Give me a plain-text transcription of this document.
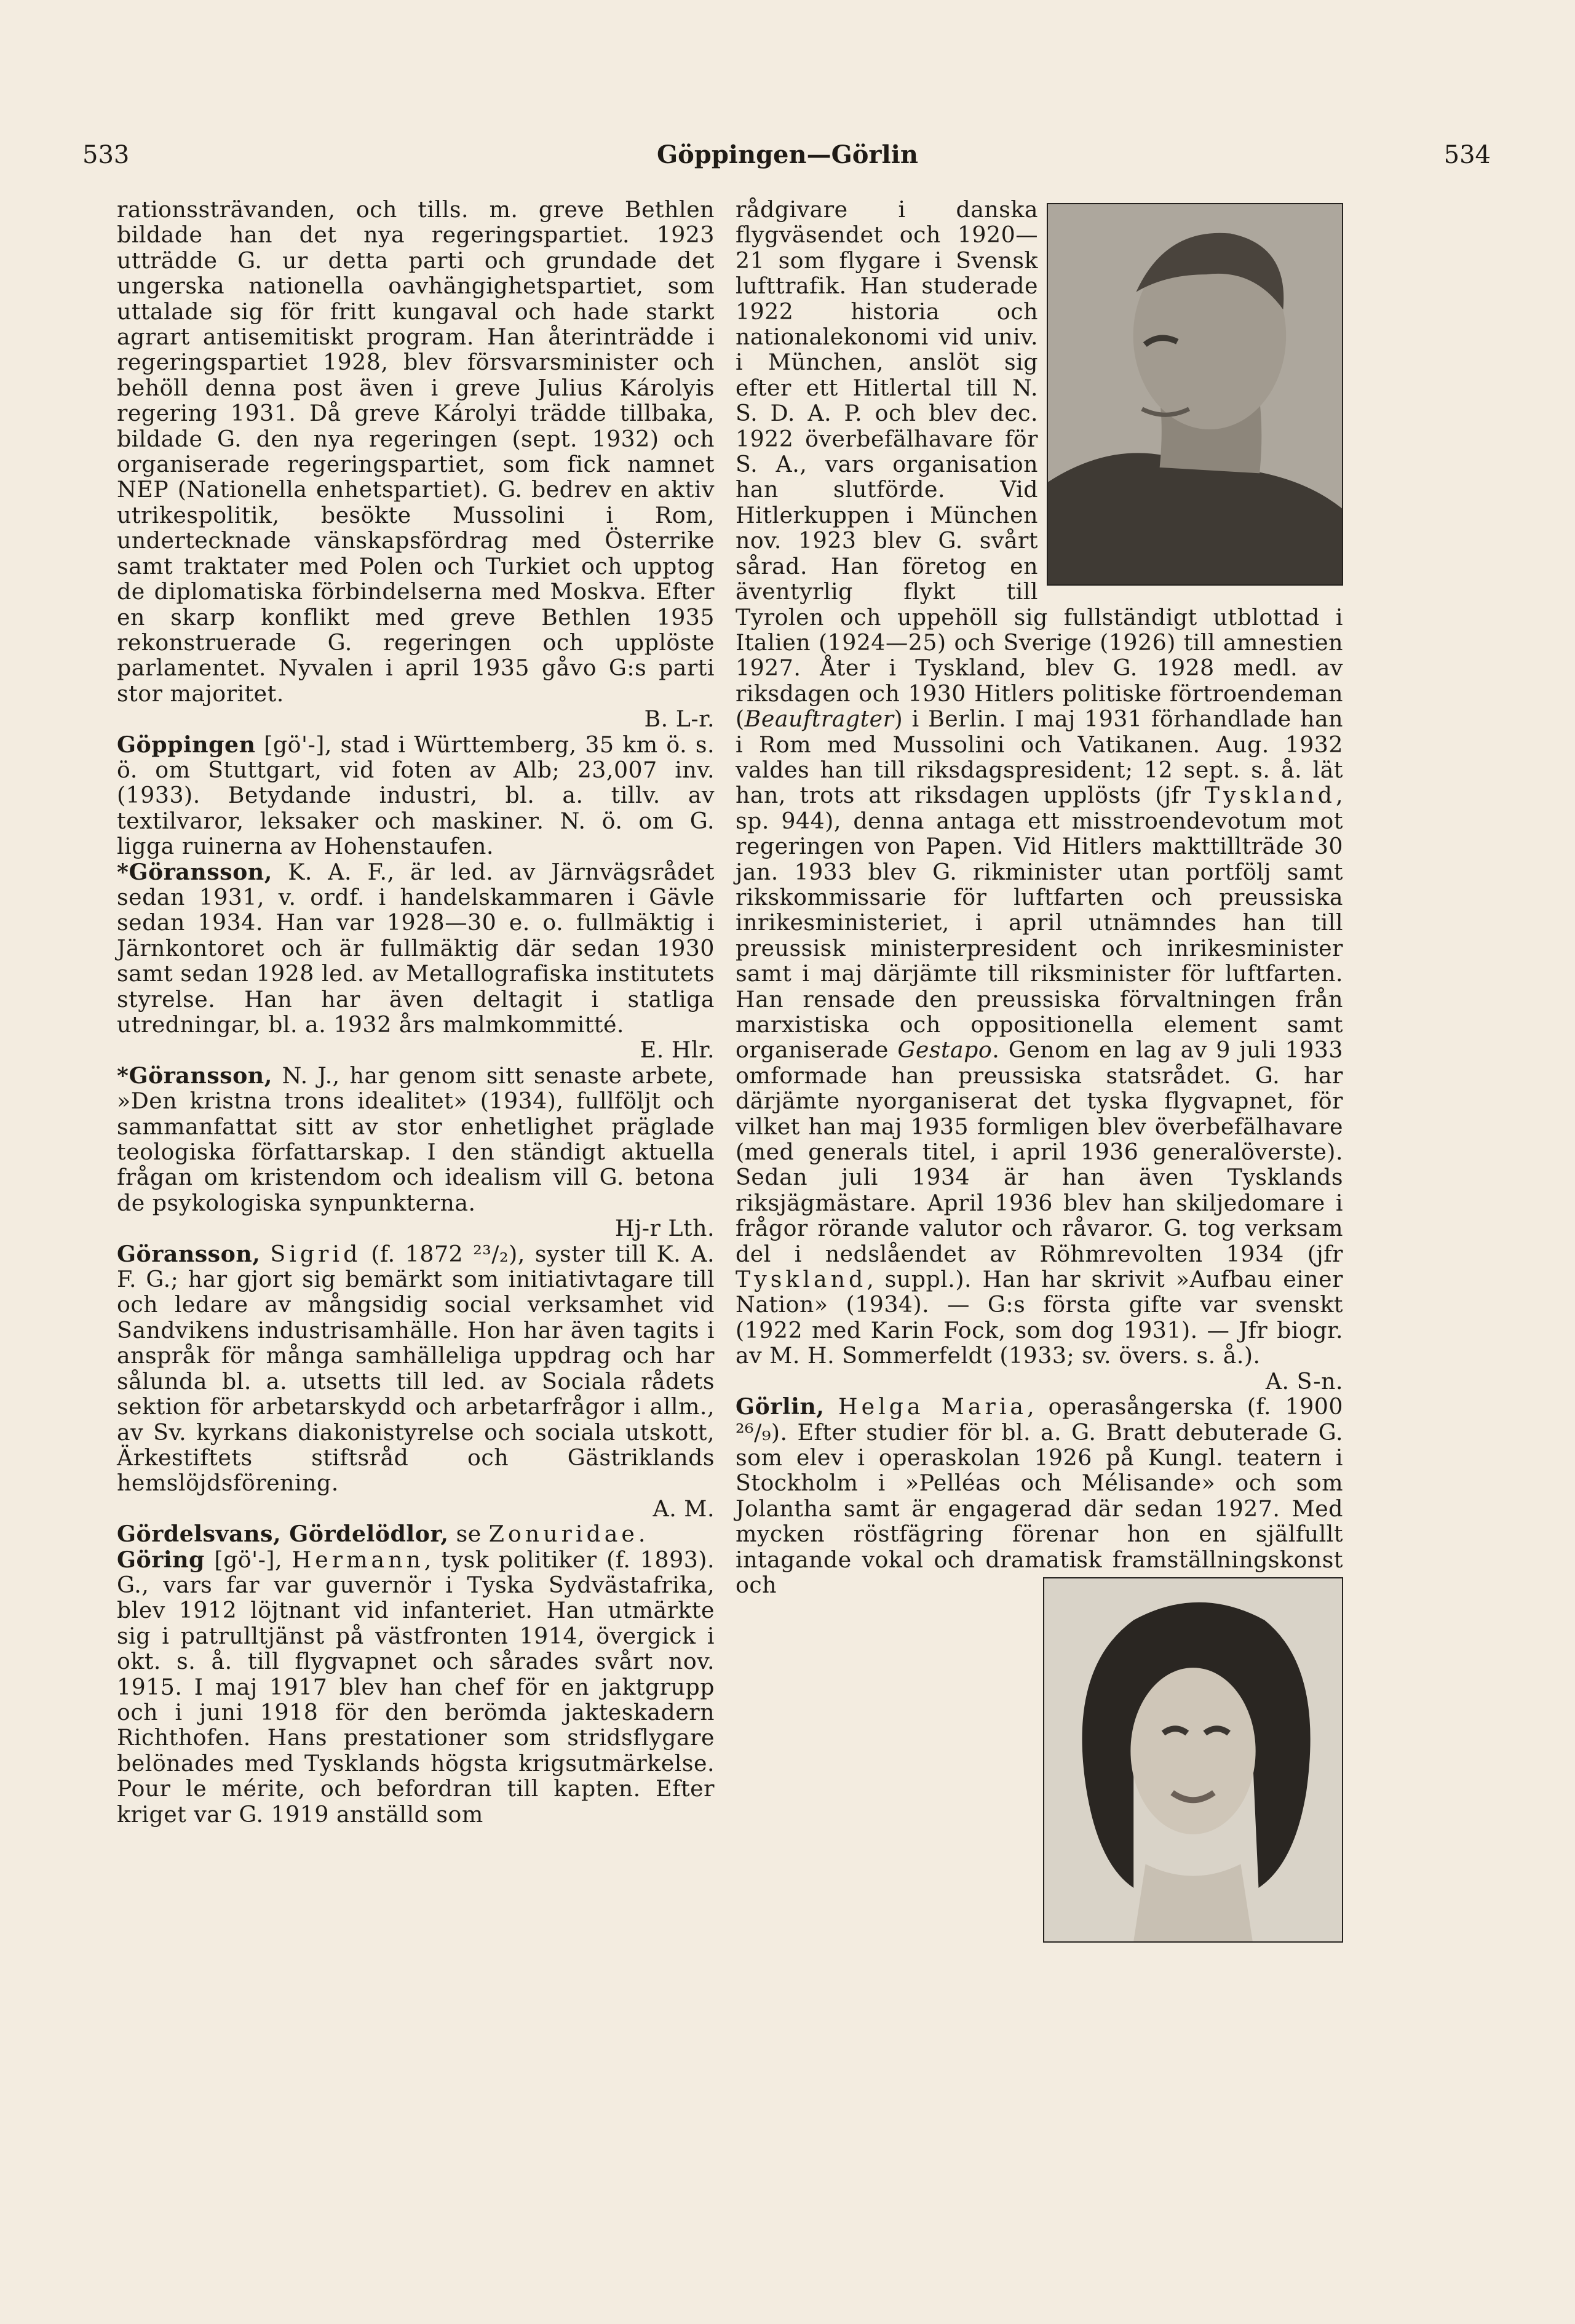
533	Göppingen—Görlin	534

rationssträvanden, och tills. m. greve Bethlen bildade han det nya regeringspartiet. 1923 utträdde G. ur detta parti och grundade det ungerska nationella oavhängighetspartiet, som uttalade sig för fritt kungaval och hade starkt agrart antisemitiskt program. Han återinträdde i regeringspartiet 1928, blev försvarsminister och behöll denna post även i greve Julius Károlyis regering 1931. Då greve Károlyi trädde tillbaka, bildade G. den nya regeringen (sept. 1932) och organiserade regeringspartiet, som fick namnet NEP (Nationella enhetspartiet). G. bedrev en aktiv utrikespolitik, besökte Mussolini i Rom, undertecknade vänskapsfördrag med Österrike samt traktater med Polen och Turkiet och upptog de diplomatiska förbindelserna med Moskva. Efter en skarp konflikt med greve Bethlen 1935 rekonstruerade G. regeringen och upplöste parlamentet. Nyvalen i april 1935 gåvo G:s parti stor majoritet.
B. L-r.

Göppingen [gö'-], stad i Württemberg, 35 km ö. s. ö. om Stuttgart, vid foten av Alb; 23,007 inv. (1933). Betydande industri, bl. a. tillv. av textilvaror, leksaker och maskiner. N. ö. om G. ligga ruinerna av Hohenstaufen.

*Göransson, K. A. F., är led. av Järnvägsrådet sedan 1931, v. ordf. i handelskammaren i Gävle sedan 1934. Han var 1928—30 e. o. fullmäktig i Järnkontoret och är fullmäktig där sedan 1930 samt sedan 1928 led. av Metallografiska institutets styrelse. Han har även deltagit i statliga utredningar, bl. a. 1932 års malmkommitté.
E. Hlr.

*Göransson, N. J., har genom sitt senaste arbete, »Den kristna trons idealitet» (1934), fullföljt och sammanfattat sitt av stor enhetlighet präglade teologiska författarskap. I den ständigt aktuella frågan om kristendom och idealism vill G. betona de psykologiska synpunkterna.
Hj-r Lth.

Göransson, Sigrid (f. 1872 ²³/₂), syster till K. A. F. G.; har gjort sig bemärkt som initiativtagare till och ledare av mångsidig social verksamhet vid Sandvikens industrisamhälle. Hon har även tagits i anspråk för många samhälleliga uppdrag och har sålunda bl. a. utsetts till led. av Sociala rådets sektion för arbetarskydd och arbetarfrågor i allm., av Sv. kyrkans diakonistyrelse och sociala utskott, Ärkestiftets stiftsråd och Gästriklands hemslöjdsförening.
A. M.

Gördelsvans, Gördelödlor, se Zonuridae.

Göring [gö'-], Hermann, tysk politiker (f. 1893). G., vars far var guvernör i Tyska Sydvästafrika, blev 1912 löjtnant vid infanteriet. Han utmärkte sig i patrulltjänst på västfronten 1914, övergick i okt. s. å. till flygvapnet och sårades svårt nov. 1915. I maj 1917 blev han chef för en jaktgrupp och i juni 1918 för den berömda jakteskadern Richthofen. Hans prestationer som stridsflygare belönades med Tysklands högsta krigsutmärkelse. Pour le mérite, och befordran till kapten. Efter kriget var G. 1919 anställd som

rådgivare i danska flygväsendet och 1920—21 som flygare i Svensk lufttrafik. Han studerade 1922 historia och nationalekonomi vid univ. i München, anslöt sig efter ett Hitlertal till N. S. D. A. P. och blev dec. 1922 överbefälhavare för S. A., vars organisation han slutförde. Vid Hitlerkuppen i München nov. 1923 blev G. svårt sårad. Han företog en äventyrlig flykt till Tyrolen och uppehöll sig fullständigt utblottad i Italien (1924—25) och Sverige (1926) till amnestien 1927. Åter i Tyskland, blev G. 1928 medl. av riksdagen och 1930 Hitlers politiske förtroendeman (Beauftragter) i Berlin. I maj 1931 förhandlade han i Rom med Mussolini och Vatikanen. Aug. 1932 valdes han till riksdagspresident; 12 sept. s. å. lät han, trots att riksdagen upplösts (jfr Tyskland, sp. 944), denna antaga ett misstroendevotum mot regeringen von Papen. Vid Hitlers makttillträde 30 jan. 1933 blev G. rikminister utan portfölj samt rikskommissarie för luftfarten och preussiska inrikesministeriet, i april utnämndes han till preussisk ministerpresident och inrikesminister samt i maj därjämte till riksminister för luftfarten. Han rensade den preussiska förvaltningen från marxistiska och oppositionella element samt organiserade Gestapo. Genom en lag av 9 juli 1933 omformade han preussiska statsrådet. G. har därjämte nyorganiserat det tyska flygvapnet, för vilket han maj 1935 formligen blev överbefälhavare (med generals titel, i april 1936 generalöverste). Sedan juli 1934 är han även Tysklands riksjägmästare. April 1936 blev han skiljedomare i frågor rörande valutor och råvaror. G. tog verksam del i nedslåendet av Röhmrevolten 1934 (jfr Tyskland, suppl.). Han har skrivit »Aufbau einer Nation» (1934). — G:s första gifte var svenskt (1922 med Karin Fock, som dog 1931). — Jfr biogr. av M. H. Sommerfeldt (1933; sv. övers. s. å.).
A. S-n.

Görlin, Helga Maria, operasångerska (f. 1900 ²⁶/₉). Efter studier för bl. a. G. Bratt debuterade G. som elev i operaskolan 1926 på Kungl. teatern i Stockholm i »Pelléas och Mélisande» och som Jolantha samt är engagerad där sedan 1927. Med mycken röstfägring förenar hon en själfullt intagande vokal och dramatisk framställningskonst och
